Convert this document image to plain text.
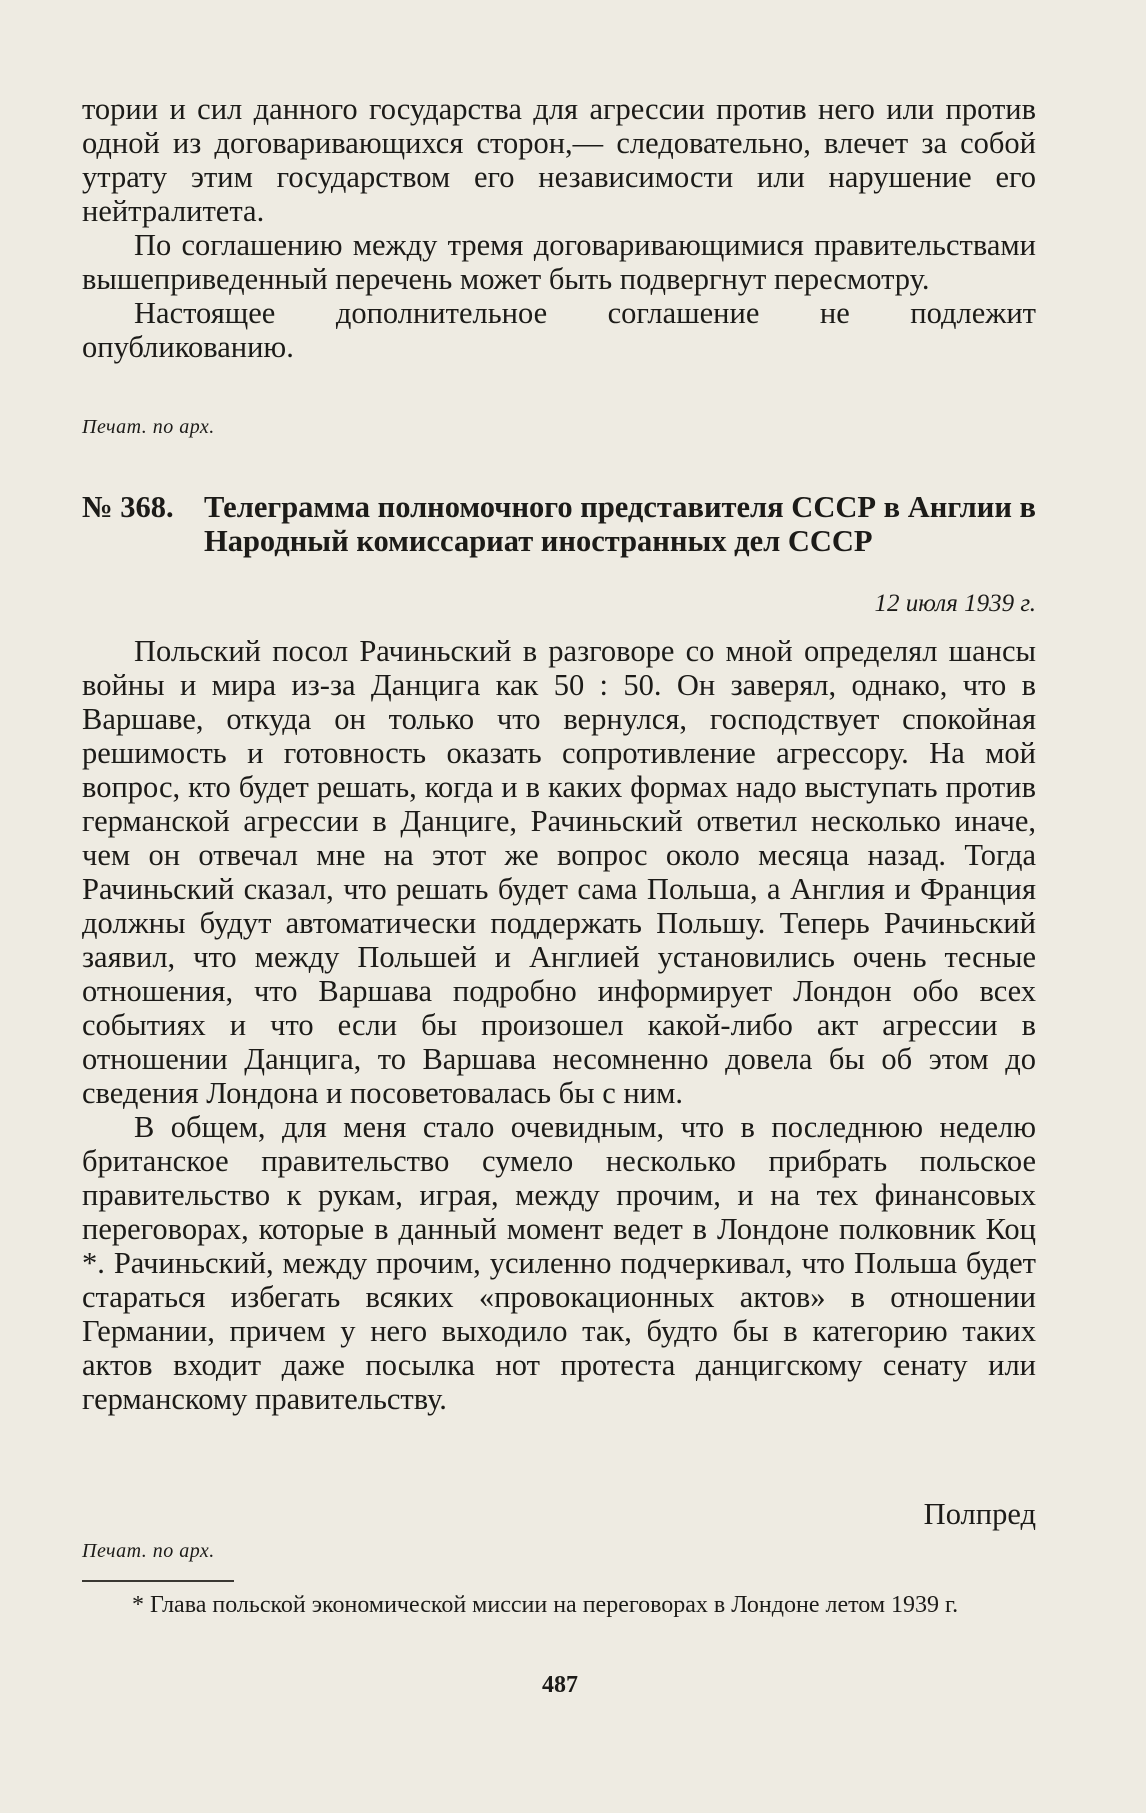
тории и сил данного государства для агрессии против него или против одной из договаривающихся сторон,— следовательно, влечет за собой утрату этим государством его независимости или нарушение его нейтралитета.

По соглашению между тремя договаривающимися правительствами вышеприведенный перечень может быть подвергнут пересмотру.

Настоящее дополнительное соглашение не подлежит опубликованию.

Печат. по арх.
№ 368. Телеграмма полномочного представителя СССР в Англии в Народный комиссариат иностранных дел СССР
12 июля 1939 г.

Польский посол Рачиньский в разговоре со мной определял шансы войны и мира из-за Данцига как 50 : 50. Он заверял, однако, что в Варшаве, откуда он только что вернулся, господствует спокойная решимость и готовность оказать сопротивление агрессору. На мой вопрос, кто будет решать, когда и в каких формах надо выступать против германской агрессии в Данциге, Рачиньский ответил несколько иначе, чем он отвечал мне на этот же вопрос около месяца назад. Тогда Рачиньский сказал, что решать будет сама Польша, а Англия и Франция должны будут автоматически поддержать Польшу. Теперь Рачиньский заявил, что между Польшей и Англией установились очень тесные отношения, что Варшава подробно информирует Лондон обо всех событиях и что если бы произошел какой-либо акт агрессии в отношении Данцига, то Варшава несомненно довела бы об этом до сведения Лондона и посоветовалась бы с ним.

В общем, для меня стало очевидным, что в последнюю неделю британское правительство сумело несколько прибрать польское правительство к рукам, играя, между прочим, и на тех финансовых переговорах, которые в данный момент ведет в Лондоне полковник Коц *. Рачиньский, между прочим, усиленно подчеркивал, что Польша будет стараться избегать всяких «провокационных актов» в отношении Германии, причем у него выходило так, будто бы в категорию таких актов входит даже посылка нот протеста данцигскому сенату или германскому правительству.

Полпред
Печат. по арх.
* Глава польской экономической миссии на переговорах в Лондоне летом 1939 г.
487
